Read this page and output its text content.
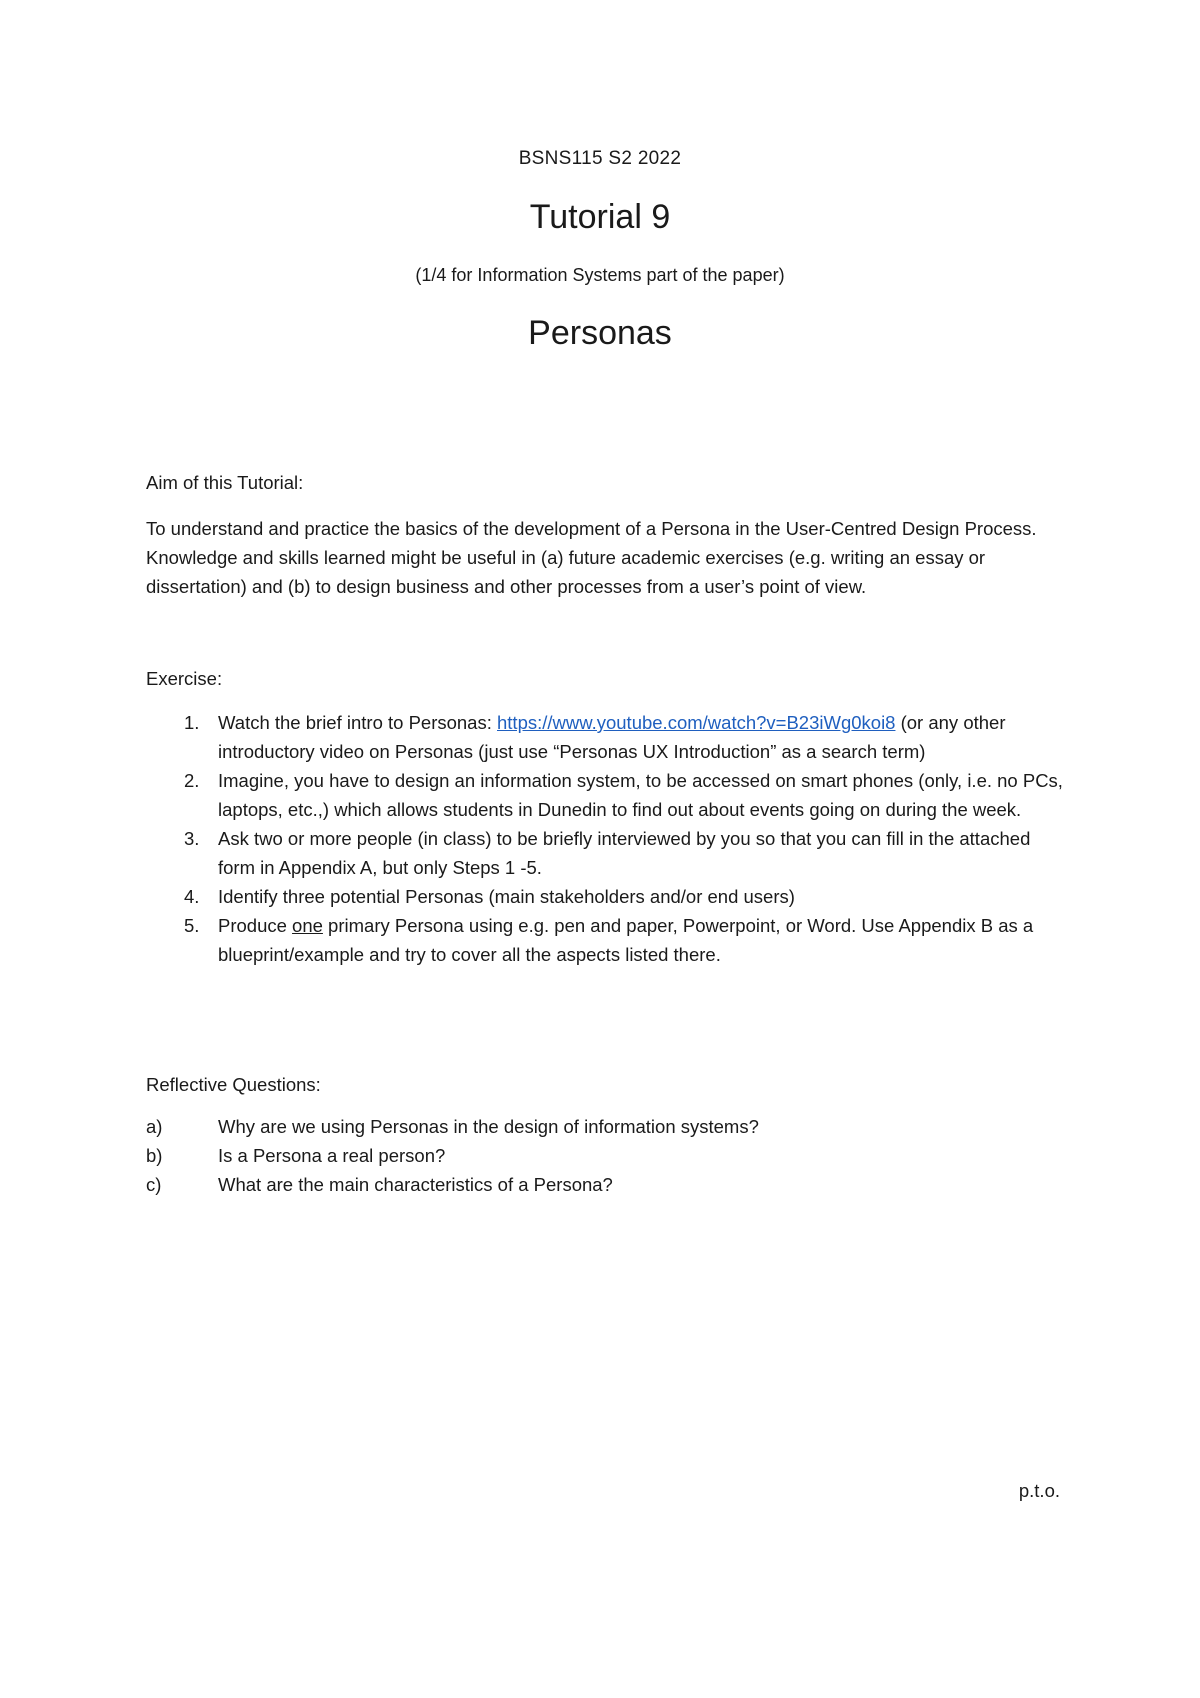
BSNS115 S2 2022

Tutorial 9

(1/4 for Information Systems part of the paper)

Personas

Aim of this Tutorial:

To understand and practice the basics of the development of a Persona in the User-Centred Design Process. Knowledge and skills learned might be useful in (a) future academic exercises (e.g. writing an essay or dissertation) and (b) to design business and other processes from a user’s point of view.

Exercise:

1. Watch the brief intro to Personas: https://www.youtube.com/watch?v=B23iWg0koi8 (or any other introductory video on Personas (just use “Personas UX Introduction” as a search term)
2. Imagine, you have to design an information system, to be accessed on smart phones (only, i.e. no PCs, laptops, etc.,) which allows students in Dunedin to find out about events going on during the week.
3. Ask two or more people (in class) to be briefly interviewed by you so that you can fill in the attached form in Appendix A, but only Steps 1 -5.
4. Identify three potential Personas (main stakeholders and/or end users)
5. Produce one primary Persona using e.g. pen and paper, Powerpoint, or Word. Use Appendix B as a blueprint/example and try to cover all the aspects listed there.

Reflective Questions:

a)	Why are we using Personas in the design of information systems?
b)	Is a Persona a real person?
c)	What are the main characteristics of a Persona?

p.t.o.
